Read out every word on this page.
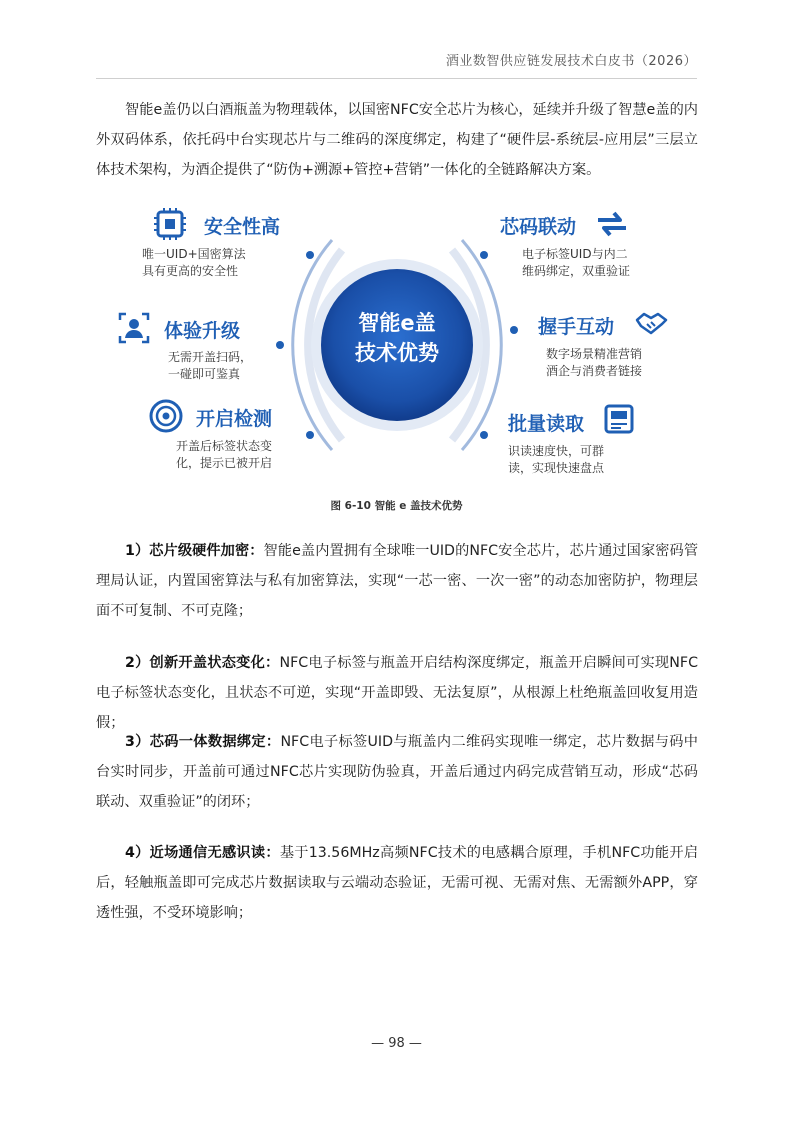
酒业数智供应链发展技术白皮书（2026）

智能e盖仍以白酒瓶盖为物理载体，以国密NFC安全芯片为核心，延续并升级了智慧e盖的内外双码体系，依托码中台实现芯片与二维码的深度绑定，构建了“硬件层-系统层-应用层”三层立体技术架构，为酒企提供了“防伪+溯源+管控+营销”一体化的全链路解决方案。

智能e盖
技术优势
安全性高
唯一UID+国密算法
具有更高的安全性
体验升级
无需开盖扫码，
一碰即可鉴真
开启检测
开盖后标签状态变
化，提示已被开启
芯码联动
电子标签UID与内二
维码绑定，双重验证
握手互动
数字场景精准营销
酒企与消费者链接
批量读取
识读速度快，可群
读，实现快速盘点
图 6-10 智能 e 盖技术优势

1）芯片级硬件加密：智能e盖内置拥有全球唯一UID的NFC安全芯片，芯片通过国家密码管理局认证，内置国密算法与私有加密算法，实现“一芯一密、一次一密”的动态加密防护，物理层面不可复制、不可克隆；

2）创新开盖状态变化：NFC电子标签与瓶盖开启结构深度绑定，瓶盖开启瞬间可实现NFC电子标签状态变化，且状态不可逆，实现“开盖即毁、无法复原”，从根源上杜绝瓶盖回收复用造假；

3）芯码一体数据绑定：NFC电子标签UID与瓶盖内二维码实现唯一绑定，芯片数据与码中台实时同步，开盖前可通过NFC芯片实现防伪验真，开盖后通过内码完成营销互动，形成“芯码联动、双重验证”的闭环；

4）近场通信无感识读：基于13.56MHz高频NFC技术的电感耦合原理，手机NFC功能开启后，轻触瓶盖即可完成芯片数据读取与云端动态验证，无需可视、无需对焦、无需额外APP，穿透性强，不受环境影响；

— 98 —
